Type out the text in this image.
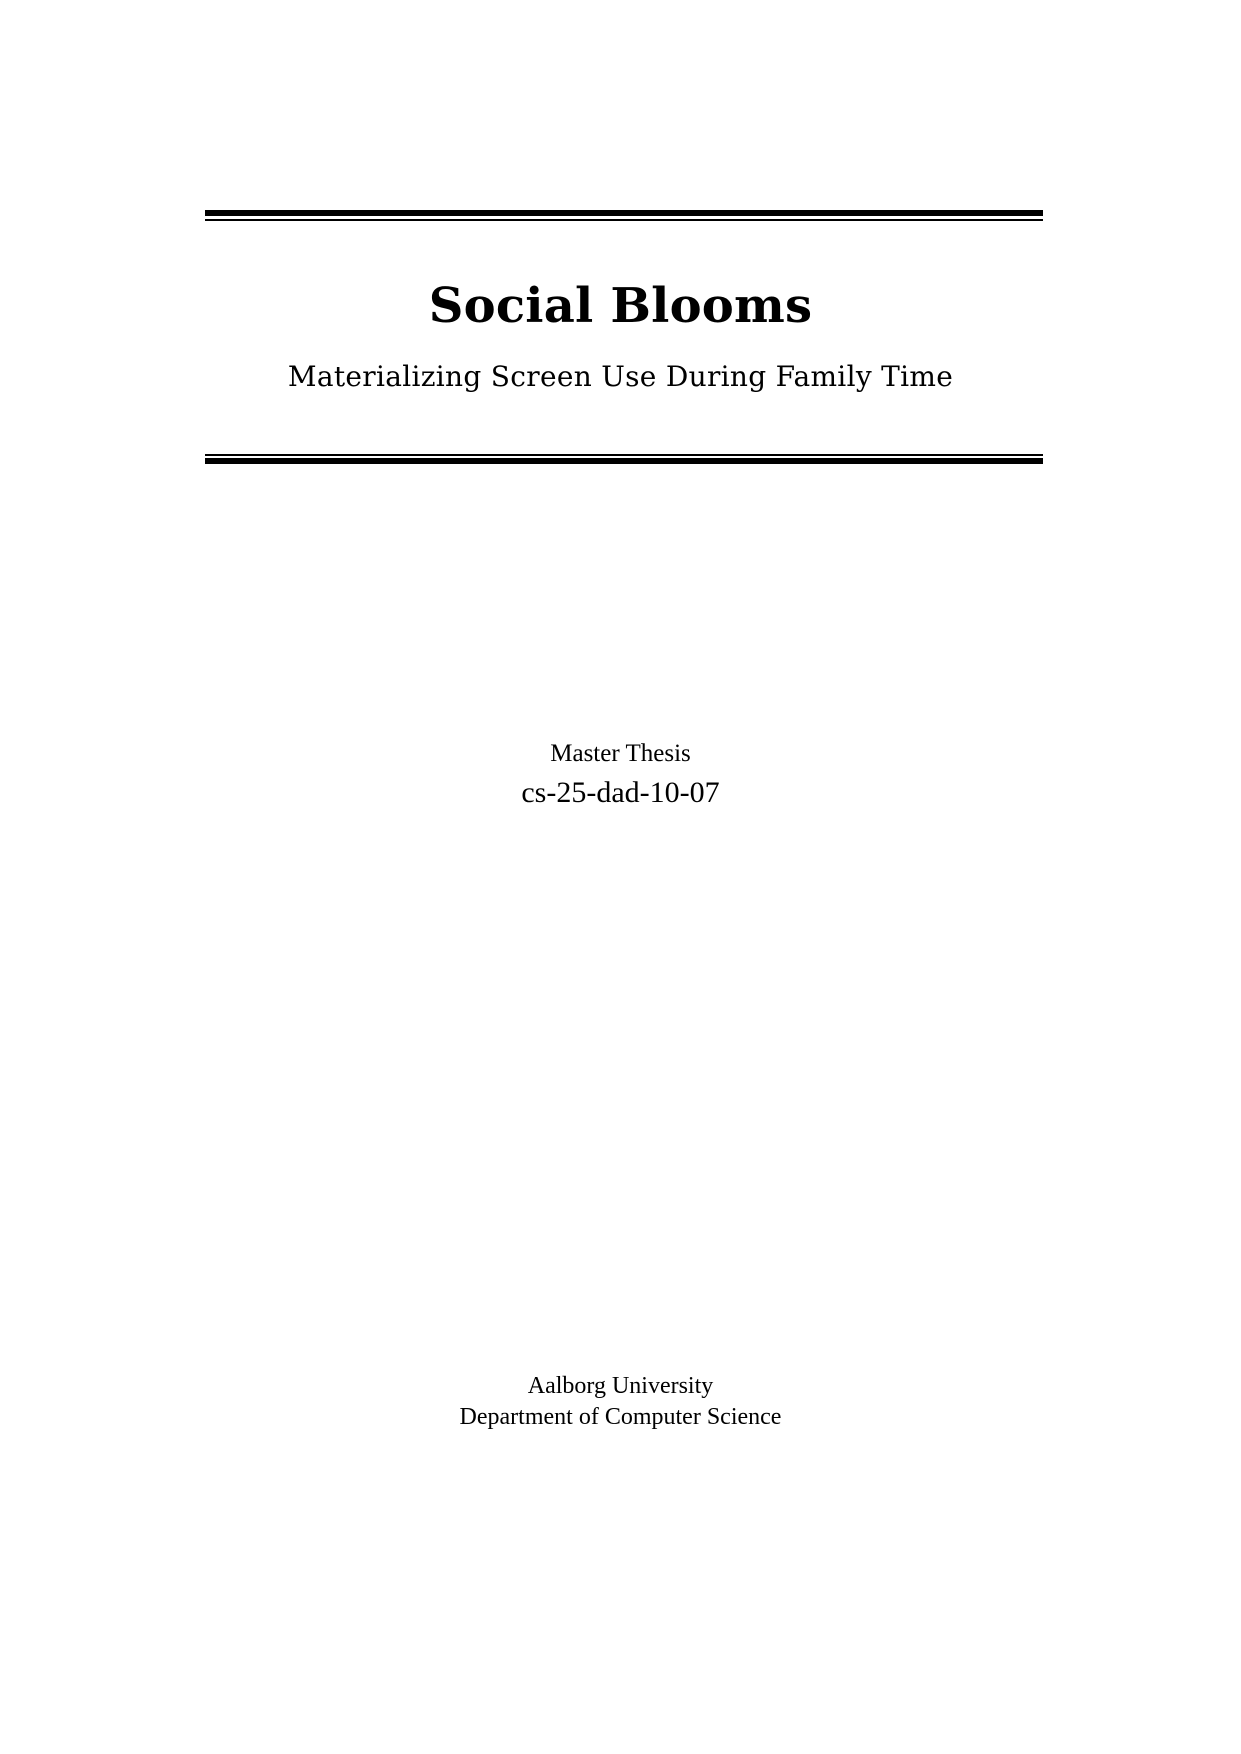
Social Blooms
Materializing Screen Use During Family Time
Master Thesis
cs-25-dad-10-07
Aalborg University
Department of Computer Science
